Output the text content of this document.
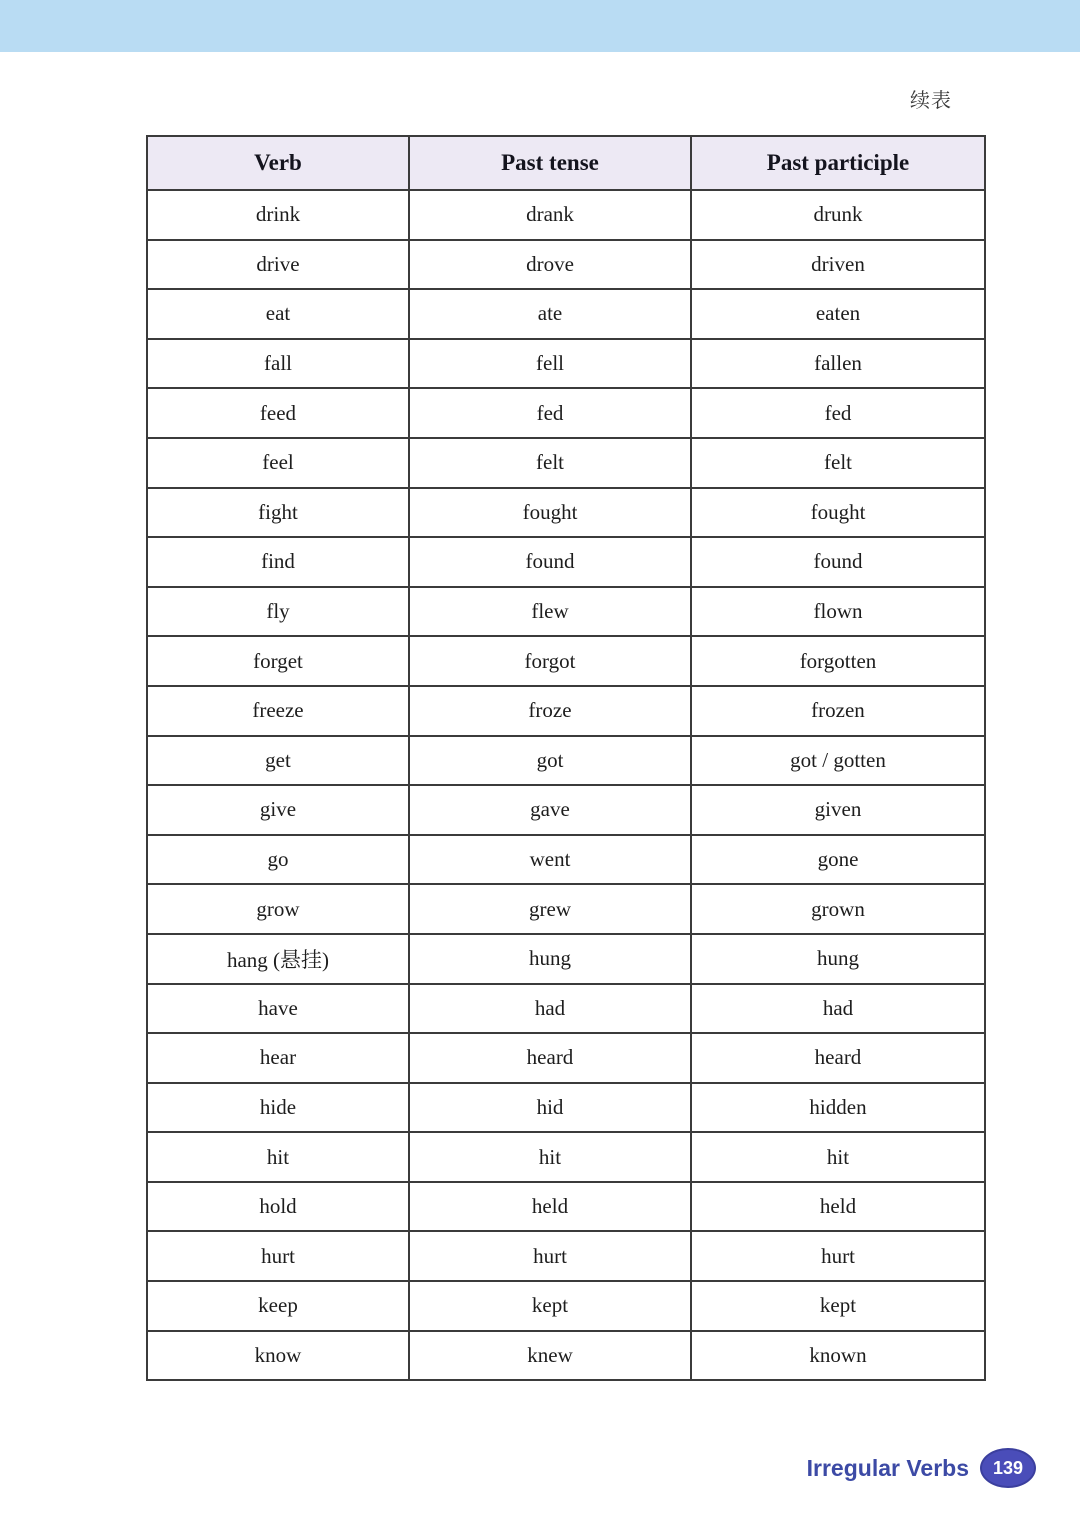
续表
Verb	Past tense	Past participle
drink	drank	drunk
drive	drove	driven
eat	ate	eaten
fall	fell	fallen
feed	fed	fed
feel	felt	felt
fight	fought	fought
find	found	found
fly	flew	flown
forget	forgot	forgotten
freeze	froze	frozen
get	got	got / gotten
give	gave	given
go	went	gone
grow	grew	grown
hang (悬挂)	hung	hung
have	had	had
hear	heard	heard
hide	hid	hidden
hit	hit	hit
hold	held	held
hurt	hurt	hurt
keep	kept	kept
know	knew	known
Irregular Verbs	139
